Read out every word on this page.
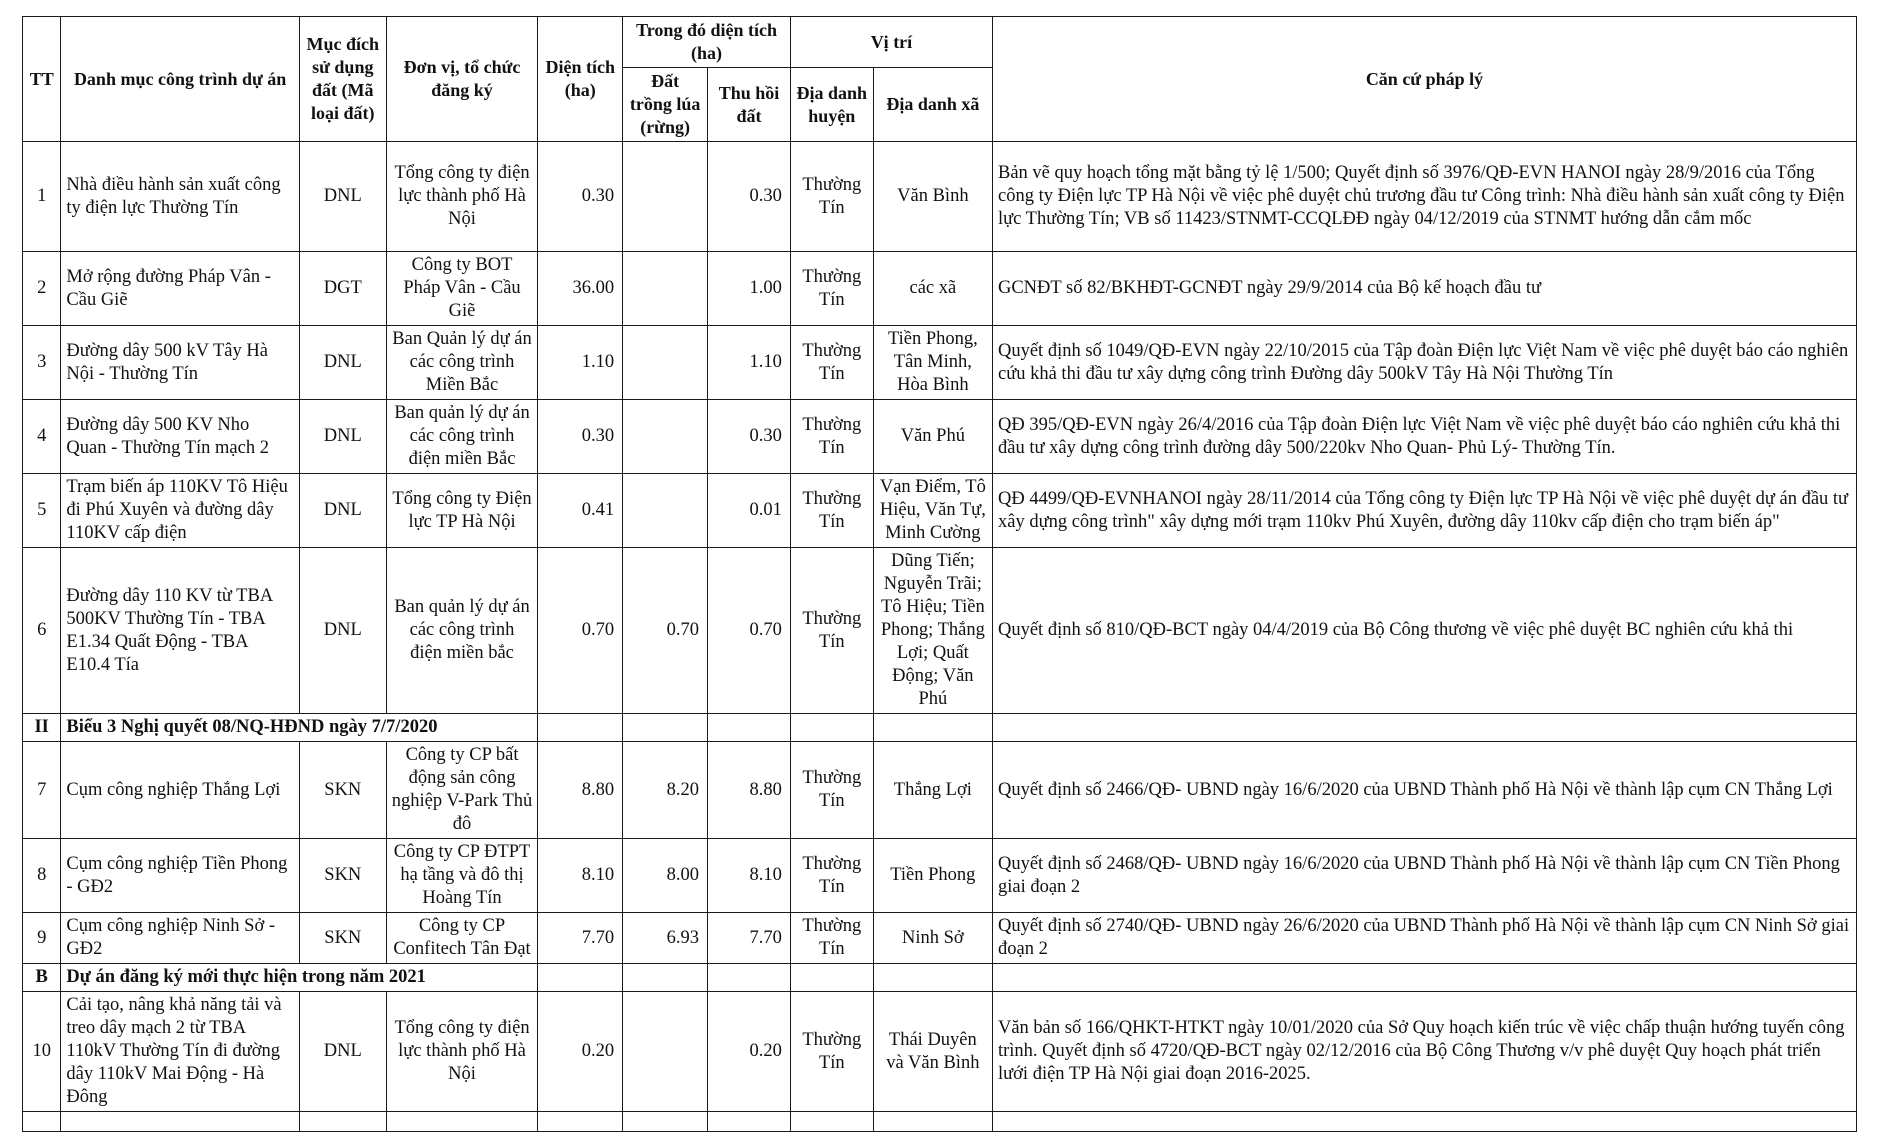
TT	Danh mục công trình dự án	Mục đích sử dụng đất (Mã loại đất)	Đơn vị, tổ chức đăng ký	Diện tích (ha)	Trong đó diện tích (ha)		Vị trí		Căn cứ pháp lý
					Đất trồng lúa (rừng)	Thu hồi đất	Địa danh huyện	Địa danh xã	
1	Nhà điều hành sản xuất công ty điện lực Thường Tín	DNL	Tổng công ty điện lực thành phố Hà Nội	0.30		0.30	Thường Tín	Văn Bình	Bản vẽ quy hoạch tổng mặt bằng tỷ lệ 1/500; Quyết định số 3976/QĐ-EVN HANOI ngày 28/9/2016 của Tổng công ty Điện lực TP Hà Nội về việc phê duyệt chủ trương đầu tư Công trình: Nhà điều hành sản xuất công ty Điện lực Thường Tín; VB số 11423/STNMT-CCQLĐĐ ngày 04/12/2019 của STNMT hướng dẫn cắm mốc
2	Mở rộng đường Pháp Vân - Cầu Giẽ	DGT	Công ty BOT Pháp Vân - Cầu Giẽ	36.00		1.00	Thường Tín	các xã	GCNĐT số 82/BKHĐT-GCNĐT ngày 29/9/2014 của Bộ kế hoạch đầu tư
3	Đường dây 500 kV Tây Hà Nội - Thường Tín	DNL	Ban Quản lý dự án các công trình Miền Bắc	1.10		1.10	Thường Tín	Tiền Phong, Tân Minh, Hòa Bình	Quyết định số 1049/QĐ-EVN ngày 22/10/2015 của Tập đoàn Điện lực Việt Nam về việc phê duyệt báo cáo nghiên cứu khả thi đầu tư xây dựng công trình Đường dây 500kV Tây Hà Nội Thường Tín
4	Đường dây 500 KV Nho Quan - Thường Tín mạch 2	DNL	Ban quản lý dự án các công trình điện miền Bắc	0.30		0.30	Thường Tín	Văn Phú	QĐ 395/QĐ-EVN ngày 26/4/2016 của Tập đoàn Điện lực Việt Nam về việc phê duyệt báo cáo nghiên cứu khả thi đầu tư xây dựng công trình đường dây 500/220kv Nho Quan- Phủ Lý- Thường Tín.
5	Trạm biến áp 110KV Tô Hiệu đi Phú Xuyên và đường dây 110KV cấp điện	DNL	Tổng công ty Điện lực TP Hà Nội	0.41		0.01	Thường Tín	Vạn Điểm, Tô Hiệu, Văn Tự, Minh Cường	QĐ 4499/QĐ-EVNHANOI ngày 28/11/2014 của Tổng công ty Điện lực TP Hà Nội về việc phê duyệt dự án đầu tư xây dựng công trình" xây dựng mới trạm 110kv Phú Xuyên, đường dây 110kv cấp điện cho trạm biến áp"
6	Đường dây 110 KV từ TBA 500KV Thường Tín - TBA E1.34 Quất Động - TBA E10.4 Tía	DNL	Ban quản lý dự án các công trình điện miền bắc	0.70	0.70	0.70	Thường Tín	Dũng Tiến; Nguyễn Trãi; Tô Hiệu; Tiền Phong; Thắng Lợi; Quất Động; Văn Phú	Quyết định số 810/QĐ-BCT ngày 04/4/2019 của Bộ Công thương về việc phê duyệt BC nghiên cứu khả thi
II	Biểu 3 Nghị quyết 08/NQ-HĐND ngày 7/7/2020								
7	Cụm công nghiệp Thắng Lợi	SKN	Công ty CP bất động sản công nghiệp V-Park Thủ đô	8.80	8.20	8.80	Thường Tín	Thắng Lợi	Quyết định số 2466/QĐ- UBND ngày 16/6/2020 của UBND Thành phố Hà Nội về thành lập cụm CN Thắng Lợi
8	Cụm công nghiệp Tiền Phong - GĐ2	SKN	Công ty CP ĐTPT hạ tầng và đô thị Hoàng Tín	8.10	8.00	8.10	Thường Tín	Tiền Phong	Quyết định số 2468/QĐ- UBND ngày 16/6/2020 của UBND Thành phố Hà Nội về thành lập cụm CN Tiền Phong giai đoạn 2
9	Cụm công nghiệp Ninh Sở - GĐ2	SKN	Công ty CP Confitech Tân Đạt	7.70	6.93	7.70	Thường Tín	Ninh Sở	Quyết định số 2740/QĐ- UBND ngày 26/6/2020 của UBND Thành phố Hà Nội về thành lập cụm CN Ninh Sở giai đoạn 2
B	Dự án đăng ký mới thực hiện trong năm 2021								
10	Cải tạo, nâng khả năng tải và treo dây mạch 2 từ TBA 110kV Thường Tín đi đường dây 110kV Mai Động - Hà Đông	DNL	Tổng công ty điện lực thành phố Hà Nội	0.20		0.20	Thường Tín	Thái Duyên và Văn Bình	Văn bản số 166/QHKT-HTKT ngày 10/01/2020 của Sở Quy hoạch kiến trúc về việc chấp thuận hướng tuyến công trình. Quyết định số 4720/QĐ-BCT ngày 02/12/2016 của Bộ Công Thương v/v phê duyệt Quy hoạch phát triển lưới điện TP Hà Nội giai đoạn 2016-2025.
